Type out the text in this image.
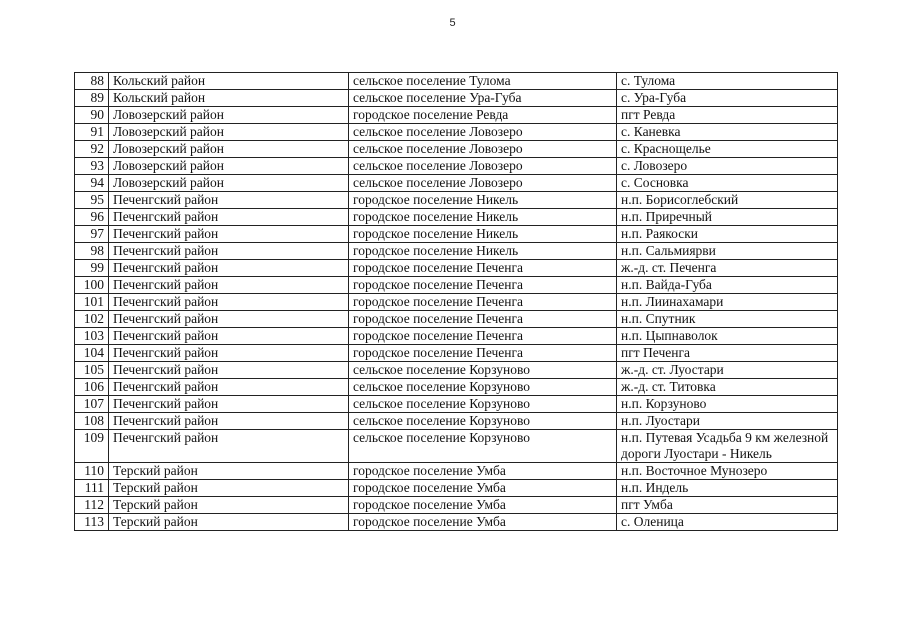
5
88	Кольский район	сельское поселение Тулома	с. Тулома
89	Кольский район	сельское поселение Ура-Губа	с. Ура-Губа
90	Ловозерский район	городское поселение Ревда	пгт Ревда
91	Ловозерский район	сельское поселение Ловозеро	с. Каневка
92	Ловозерский район	сельское поселение Ловозеро	с. Краснощелье
93	Ловозерский район	сельское поселение Ловозеро	с. Ловозеро
94	Ловозерский район	сельское поселение Ловозеро	с. Сосновка
95	Печенгский район	городское поселение Никель	н.п. Борисоглебский
96	Печенгский район	городское поселение Никель	н.п. Приречный
97	Печенгский район	городское поселение Никель	н.п. Раякоски
98	Печенгский район	городское поселение Никель	н.п. Сальмиярви
99	Печенгский район	городское поселение Печенга	ж.-д. ст. Печенга
100	Печенгский район	городское поселение Печенга	н.п. Вайда-Губа
101	Печенгский район	городское поселение Печенга	н.п. Лиинахамари
102	Печенгский район	городское поселение Печенга	н.п. Спутник
103	Печенгский район	городское поселение Печенга	н.п. Цыпнаволок
104	Печенгский район	городское поселение Печенга	пгт Печенга
105	Печенгский район	сельское поселение Корзуново	ж.-д. ст. Луостари
106	Печенгский район	сельское поселение Корзуново	ж.-д. ст. Титовка
107	Печенгский район	сельское поселение Корзуново	н.п. Корзуново
108	Печенгский район	сельское поселение Корзуново	н.п. Луостари
109	Печенгский район	сельское поселение Корзуново	н.п. Путевая Усадьба 9 км железной дороги Луостари - Никель
110	Терский район	городское поселение Умба	н.п. Восточное Мунозеро
111	Терский район	городское поселение Умба	н.п. Индель
112	Терский район	городское поселение Умба	пгт Умба
113	Терский район	городское поселение Умба	с. Оленица
